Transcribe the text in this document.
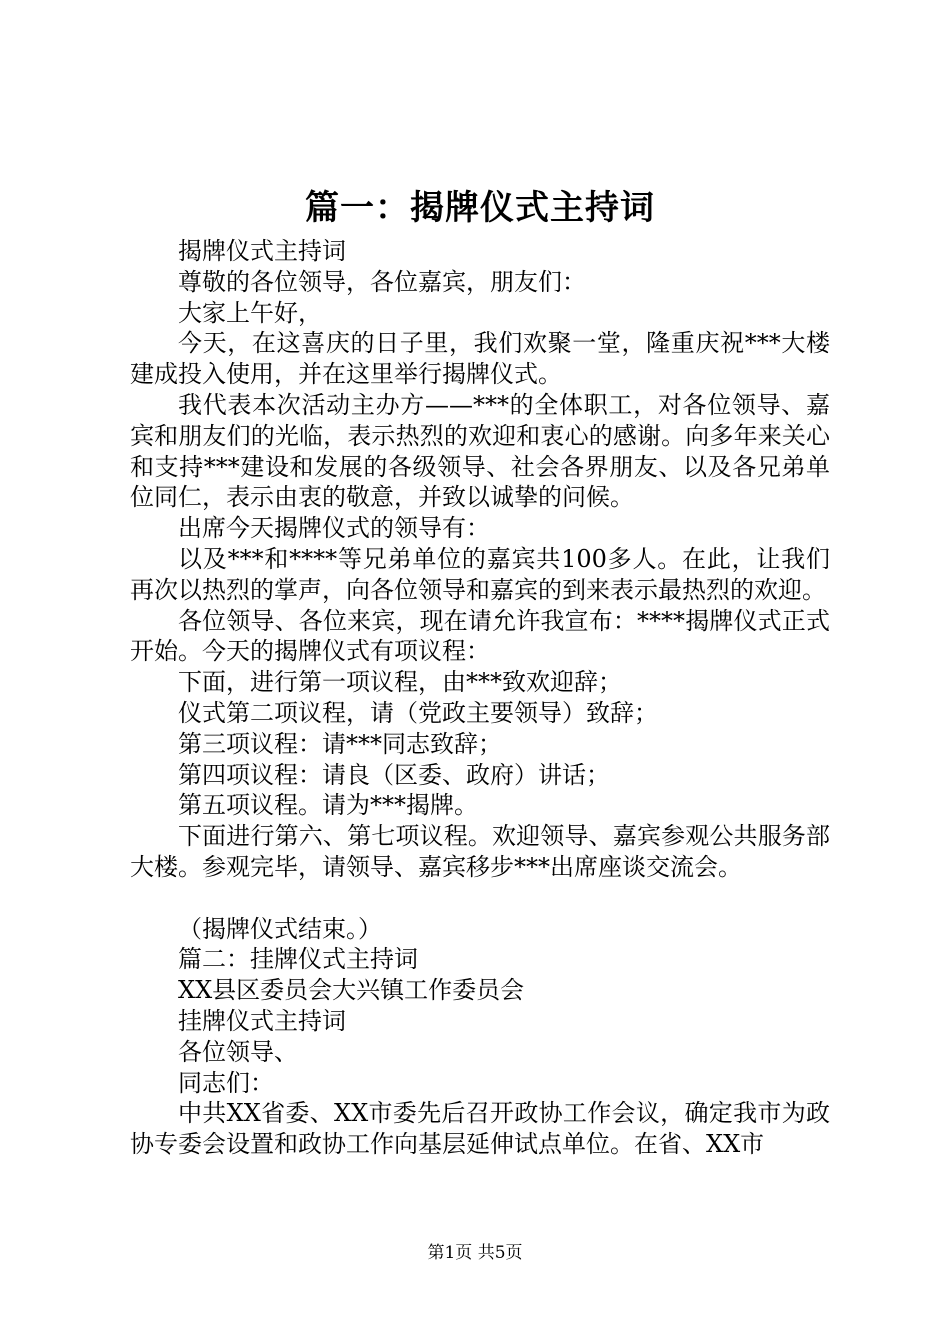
篇一：揭牌仪式主持词

揭牌仪式主持词

尊敬的各位领导，各位嘉宾，朋友们：

大家上午好，

今天，在这喜庆的日子里，我们欢聚一堂，隆重庆祝***大楼建成投入使用，并在这里举行揭牌仪式。

我代表本次活动主办方——***的全体职工，对各位领导、嘉宾和朋友们的光临，表示热烈的欢迎和衷心的感谢。向多年来关心和支持***建设和发展的各级领导、社会各界朋友、以及各兄弟单位同仁，表示由衷的敬意，并致以诚挚的问候。

出席今天揭牌仪式的领导有：

以及***和****等兄弟单位的嘉宾共100多人。在此，让我们再次以热烈的掌声，向各位领导和嘉宾的到来表示最热烈的欢迎。

各位领导、各位来宾，现在请允许我宣布：****揭牌仪式正式开始。今天的揭牌仪式有项议程：

下面，进行第一项议程，由***致欢迎辞；

仪式第二项议程，请（党政主要领导）致辞；

第三项议程：请***同志致辞；

第四项议程：请良（区委、政府）讲话；

第五项议程。请为***揭牌。

下面进行第六、第七项议程。欢迎领导、嘉宾参观公共服务部大楼。参观完毕，请领导、嘉宾移步***出席座谈交流会。

（揭牌仪式结束。）

篇二：挂牌仪式主持词

XX县区委员会大兴镇工作委员会

挂牌仪式主持词

各位领导、

同志们：

中共XX省委、XX市委先后召开政协工作会议，确定我市为政协专委会设置和政协工作向基层延伸试点单位。在省、XX市

第1页 共5页
